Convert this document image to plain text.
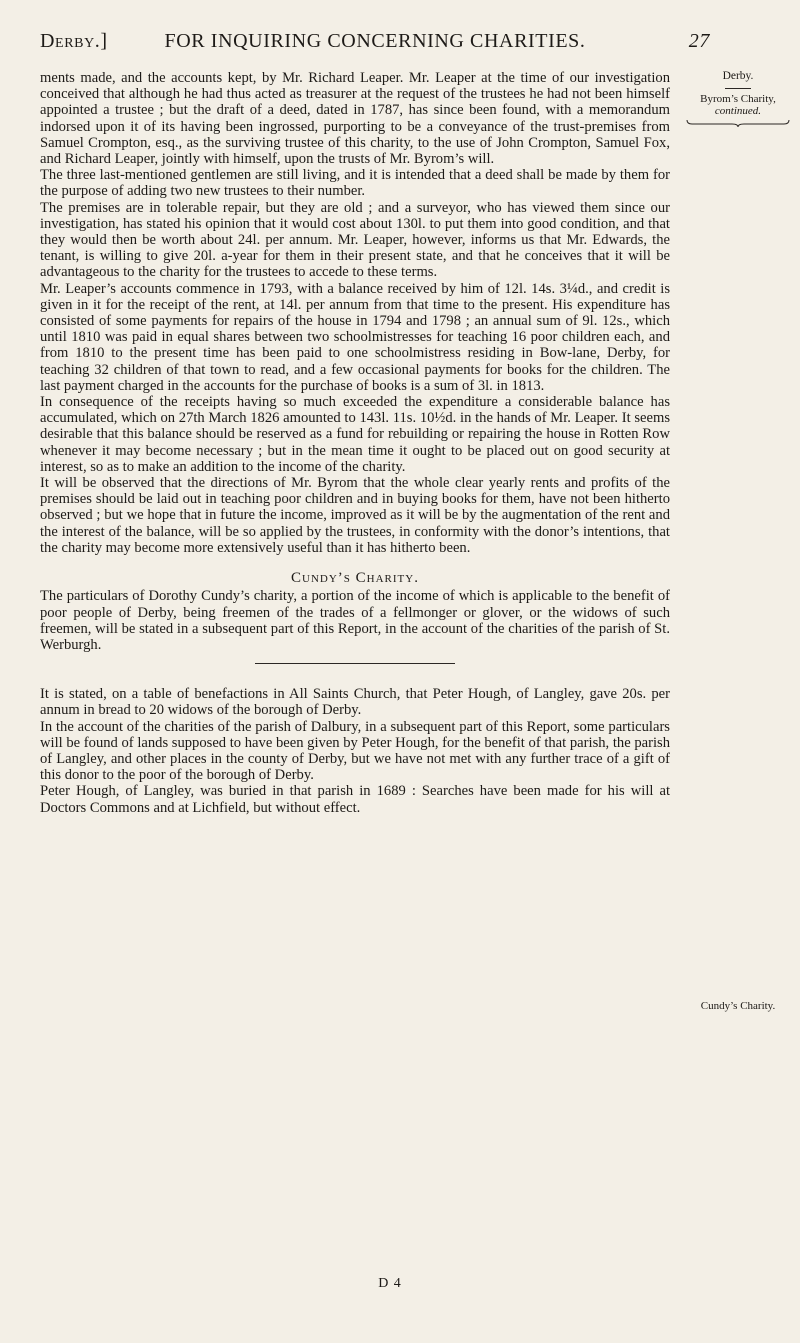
Derby.]	FOR INQUIRING CONCERNING CHARITIES.	27
Derby.
Byrom’s Charity,
continued.
Cundy’s Charity.

ments made, and the accounts kept, by Mr. Richard Leaper. Mr. Leaper at the time of our investigation conceived that although he had thus acted as treasurer at the request of the trustees he had not been himself appointed a trustee ; but the draft of a deed, dated in 1787, has since been found, with a memorandum indorsed upon it of its having been ingrossed, purporting to be a conveyance of the trust-premises from Samuel Crompton, esq., as the surviving trustee of this charity, to the use of John Crompton, Samuel Fox, and Richard Leaper, jointly with himself, upon the trusts of Mr. Byrom’s will.

The three last-mentioned gentlemen are still living, and it is intended that a deed shall be made by them for the purpose of adding two new trustees to their number.

The premises are in tolerable repair, but they are old ; and a surveyor, who has viewed them since our investigation, has stated his opinion that it would cost about 130l. to put them into good condition, and that they would then be worth about 24l. per annum. Mr. Leaper, however, informs us that Mr. Edwards, the tenant, is willing to give 20l. a-year for them in their present state, and that he conceives that it will be advantageous to the charity for the trustees to accede to these terms.

Mr. Leaper’s accounts commence in 1793, with a balance received by him of 12l. 14s. 3¼d., and credit is given in it for the receipt of the rent, at 14l. per annum from that time to the present. His expenditure has consisted of some payments for repairs of the house in 1794 and 1798 ; an annual sum of 9l. 12s., which until 1810 was paid in equal shares between two schoolmistresses for teaching 16 poor children each, and from 1810 to the present time has been paid to one schoolmistress residing in Bow-lane, Derby, for teaching 32 children of that town to read, and a few occasional payments for books for the children. The last payment charged in the accounts for the purchase of books is a sum of 3l. in 1813.

In consequence of the receipts having so much exceeded the expenditure a considerable balance has accumulated, which on 27th March 1826 amounted to 143l. 11s. 10½d. in the hands of Mr. Leaper. It seems desirable that this balance should be reserved as a fund for rebuilding or repairing the house in Rotten Row whenever it may become necessary ; but in the mean time it ought to be placed out on good security at interest, so as to make an addition to the income of the charity.

It will be observed that the directions of Mr. Byrom that the whole clear yearly rents and profits of the premises should be laid out in teaching poor children and in buying books for them, have not been hitherto observed ; but we hope that in future the income, improved as it will be by the augmentation of the rent and the interest of the balance, will be so applied by the trustees, in conformity with the donor’s intentions, that the charity may become more extensively useful than it has hitherto been.

Cundy’s Charity.

The particulars of Dorothy Cundy’s charity, a portion of the income of which is applicable to the benefit of poor people of Derby, being freemen of the trades of a fellmonger or glover, or the widows of such freemen, will be stated in a subsequent part of this Report, in the account of the charities of the parish of St. Werburgh.

It is stated, on a table of benefactions in All Saints Church, that Peter Hough, of Langley, gave 20s. per annum in bread to 20 widows of the borough of Derby.

In the account of the charities of the parish of Dalbury, in a subsequent part of this Report, some particulars will be found of lands supposed to have been given by Peter Hough, for the benefit of that parish, the parish of Langley, and other places in the county of Derby, but we have not met with any further trace of a gift of this donor to the poor of the borough of Derby.

Peter Hough, of Langley, was buried in that parish in 1689 : Searches have been made for his will at Doctors Commons and at Lichfield, but without effect.

D 4
